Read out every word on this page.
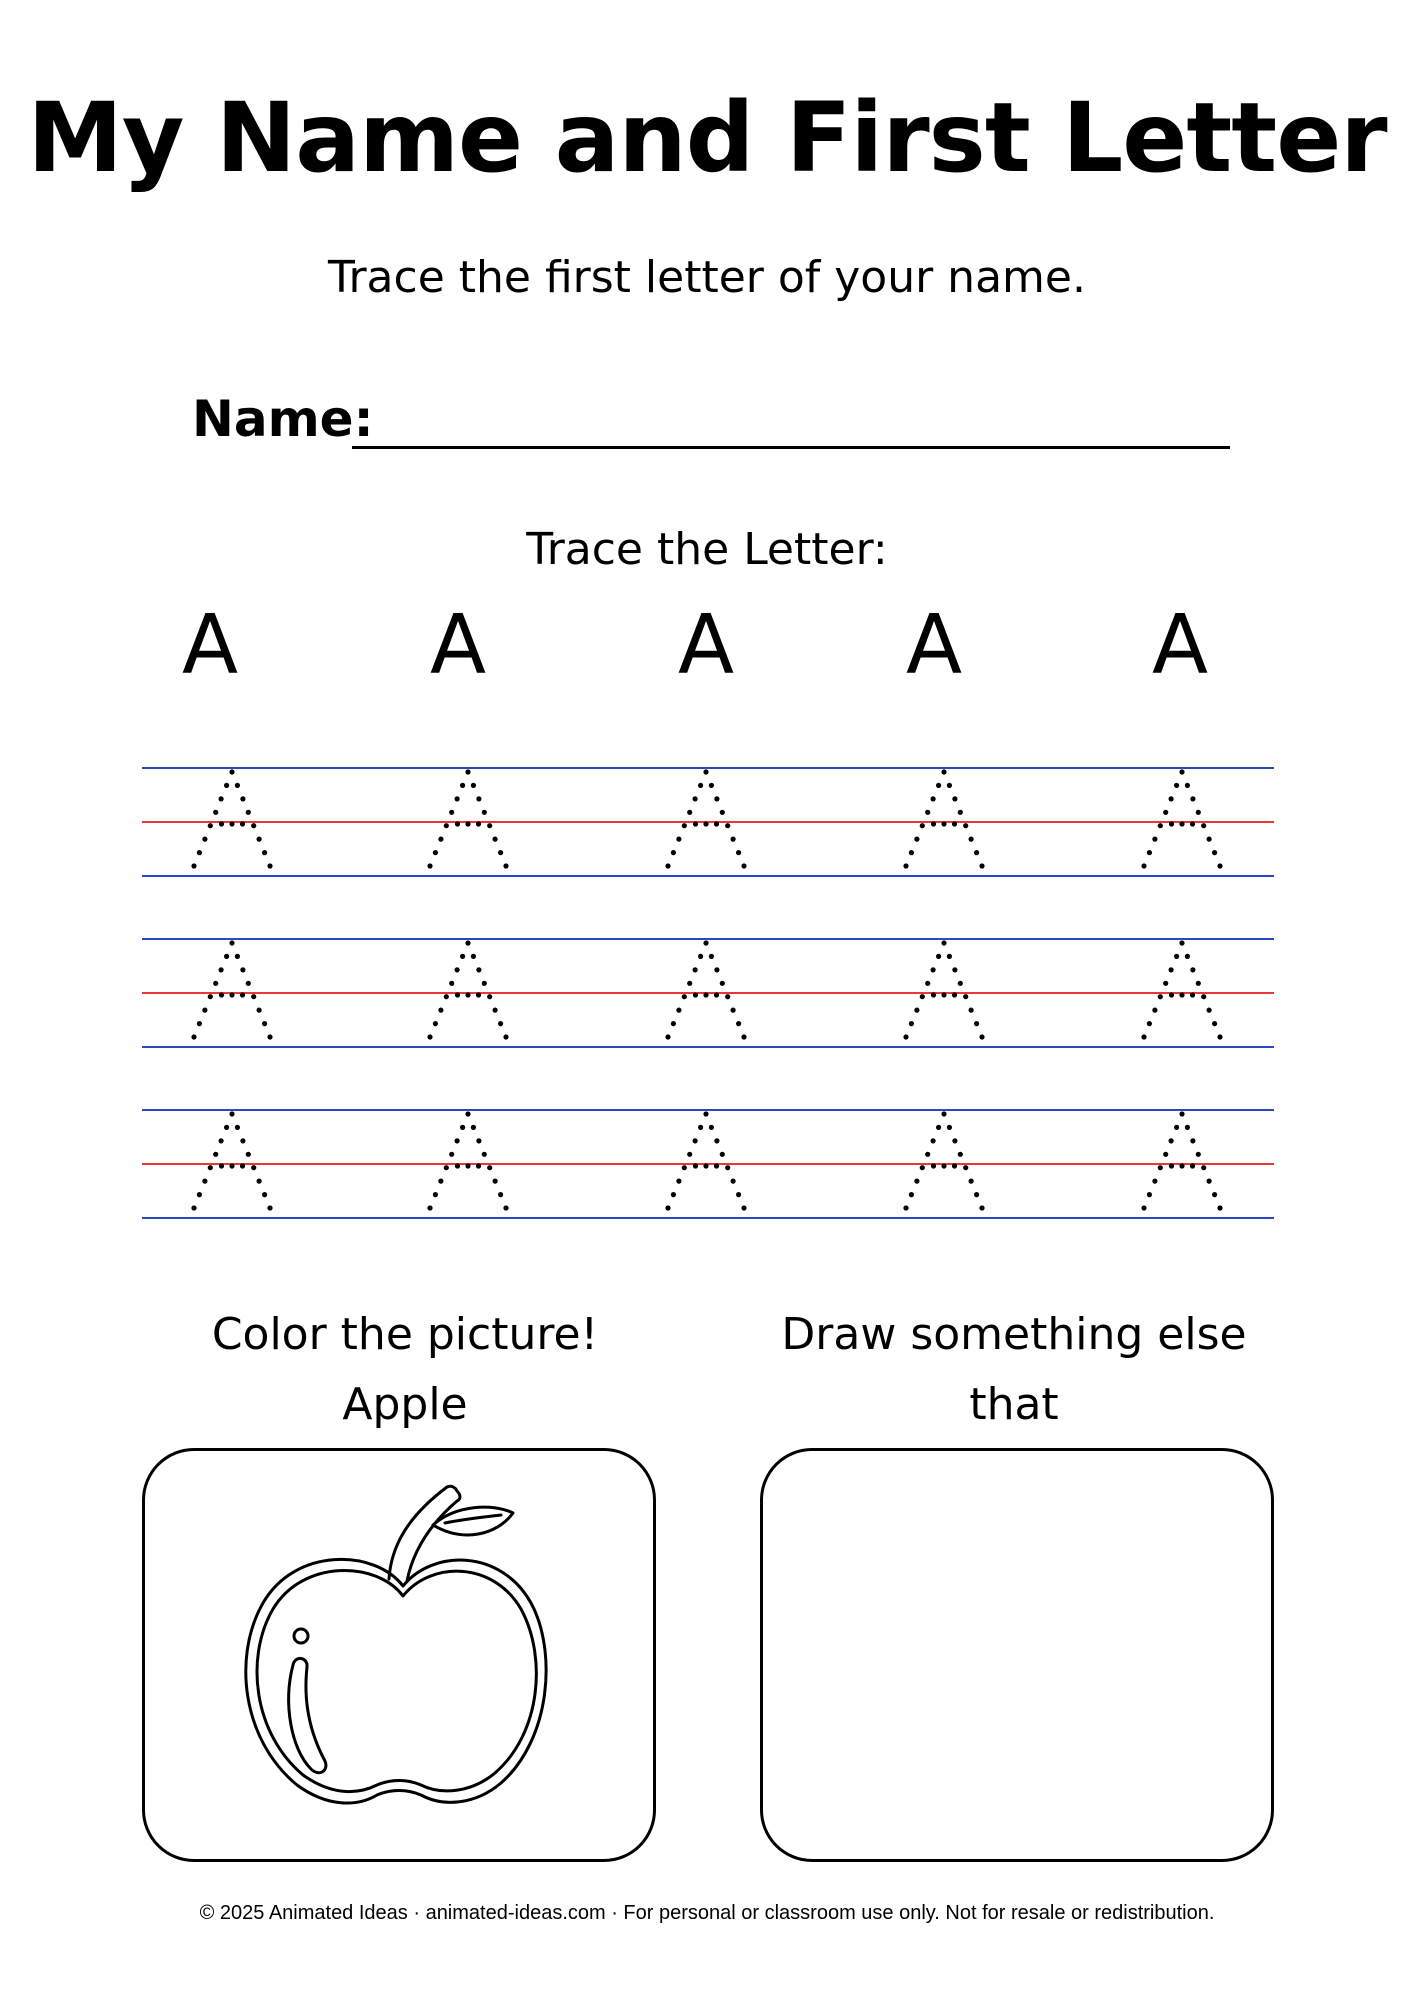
My Name and First Letter
Trace the first letter of your name.
Name:
Trace the Letter:
A	A	A	A	A
Color the picture!
Apple
Draw something else that
© 2025 Animated Ideas · animated-ideas.com · For personal or classroom use only. Not for resale or redistribution.
